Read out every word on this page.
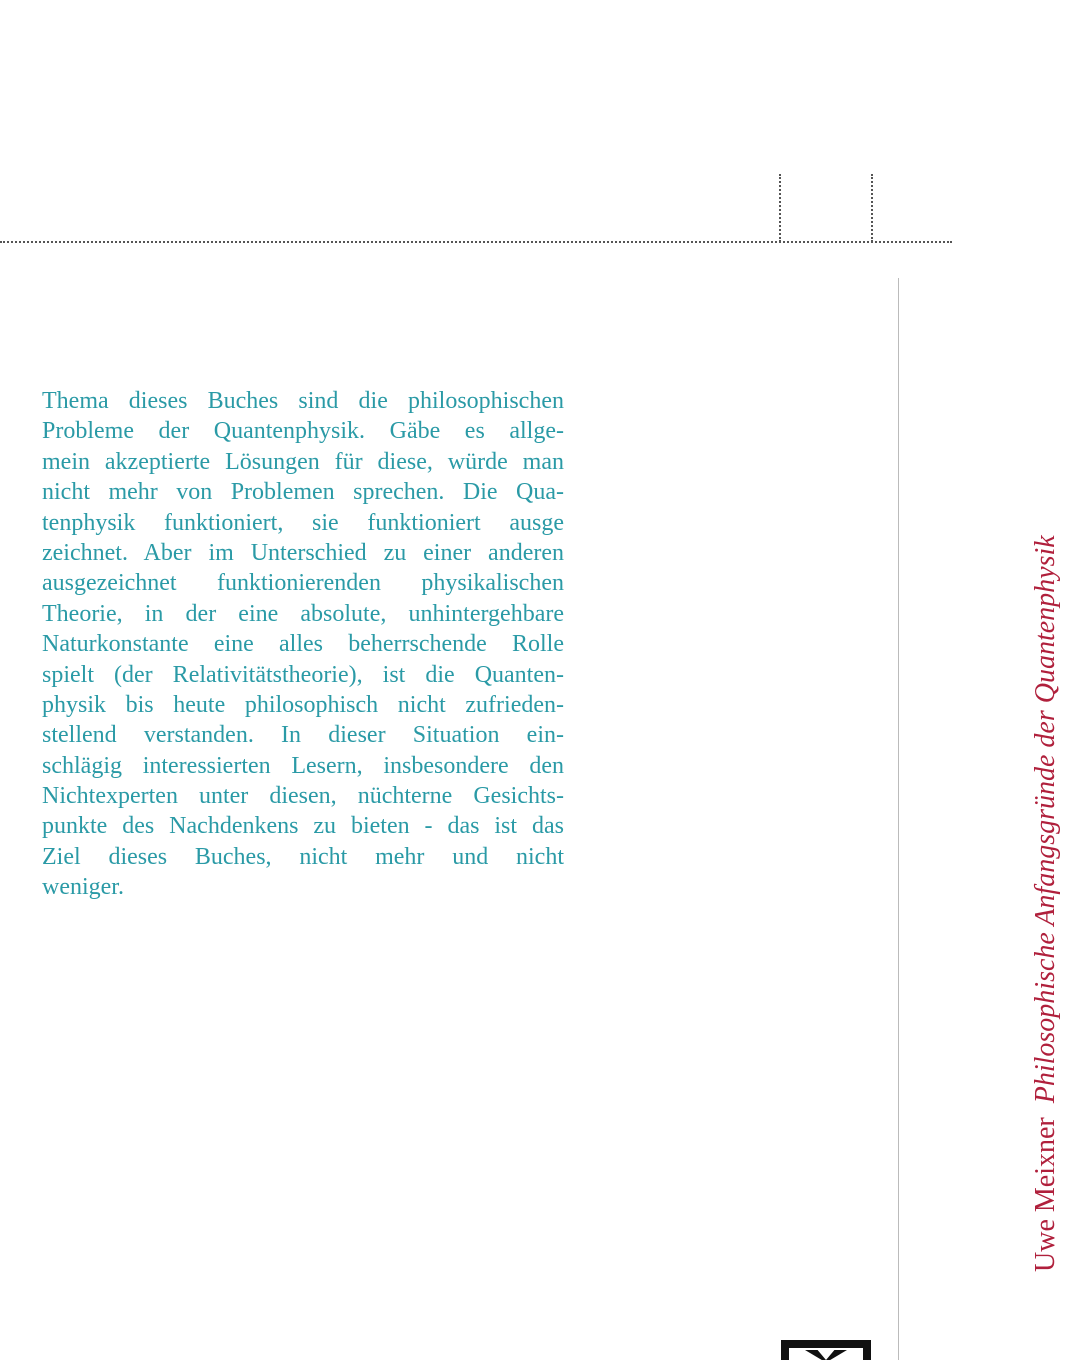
Thema dieses Buches sind die philosophischen
Probleme der Quantenphysik. Gäbe es allge-
mein akzeptierte Lösungen für diese, würde man
nicht mehr von Problemen sprechen. Die Qua-
tenphysik funktioniert, sie funktioniert ausge
zeichnet. Aber im Unterschied zu einer anderen
ausgezeichnet funktionierenden physikalischen
Theorie, in der eine absolute, unhintergehbare
Naturkonstante eine alles beherrschende Rolle
spielt (der Relativitätstheorie), ist die Quanten-
physik bis heute philosophisch nicht zufrieden-
stellend verstanden. In dieser Situation ein-
schlägig interessierten Lesern, insbesondere den
Nichtexperten unter diesen, nüchterne Gesichts-
punkte des Nachdenkens zu bieten - das ist das
Ziel dieses Buches, nicht mehr und nicht
weniger.
Uwe MeixnerPhilosophische Anfangsgründe der Quantenphysik
